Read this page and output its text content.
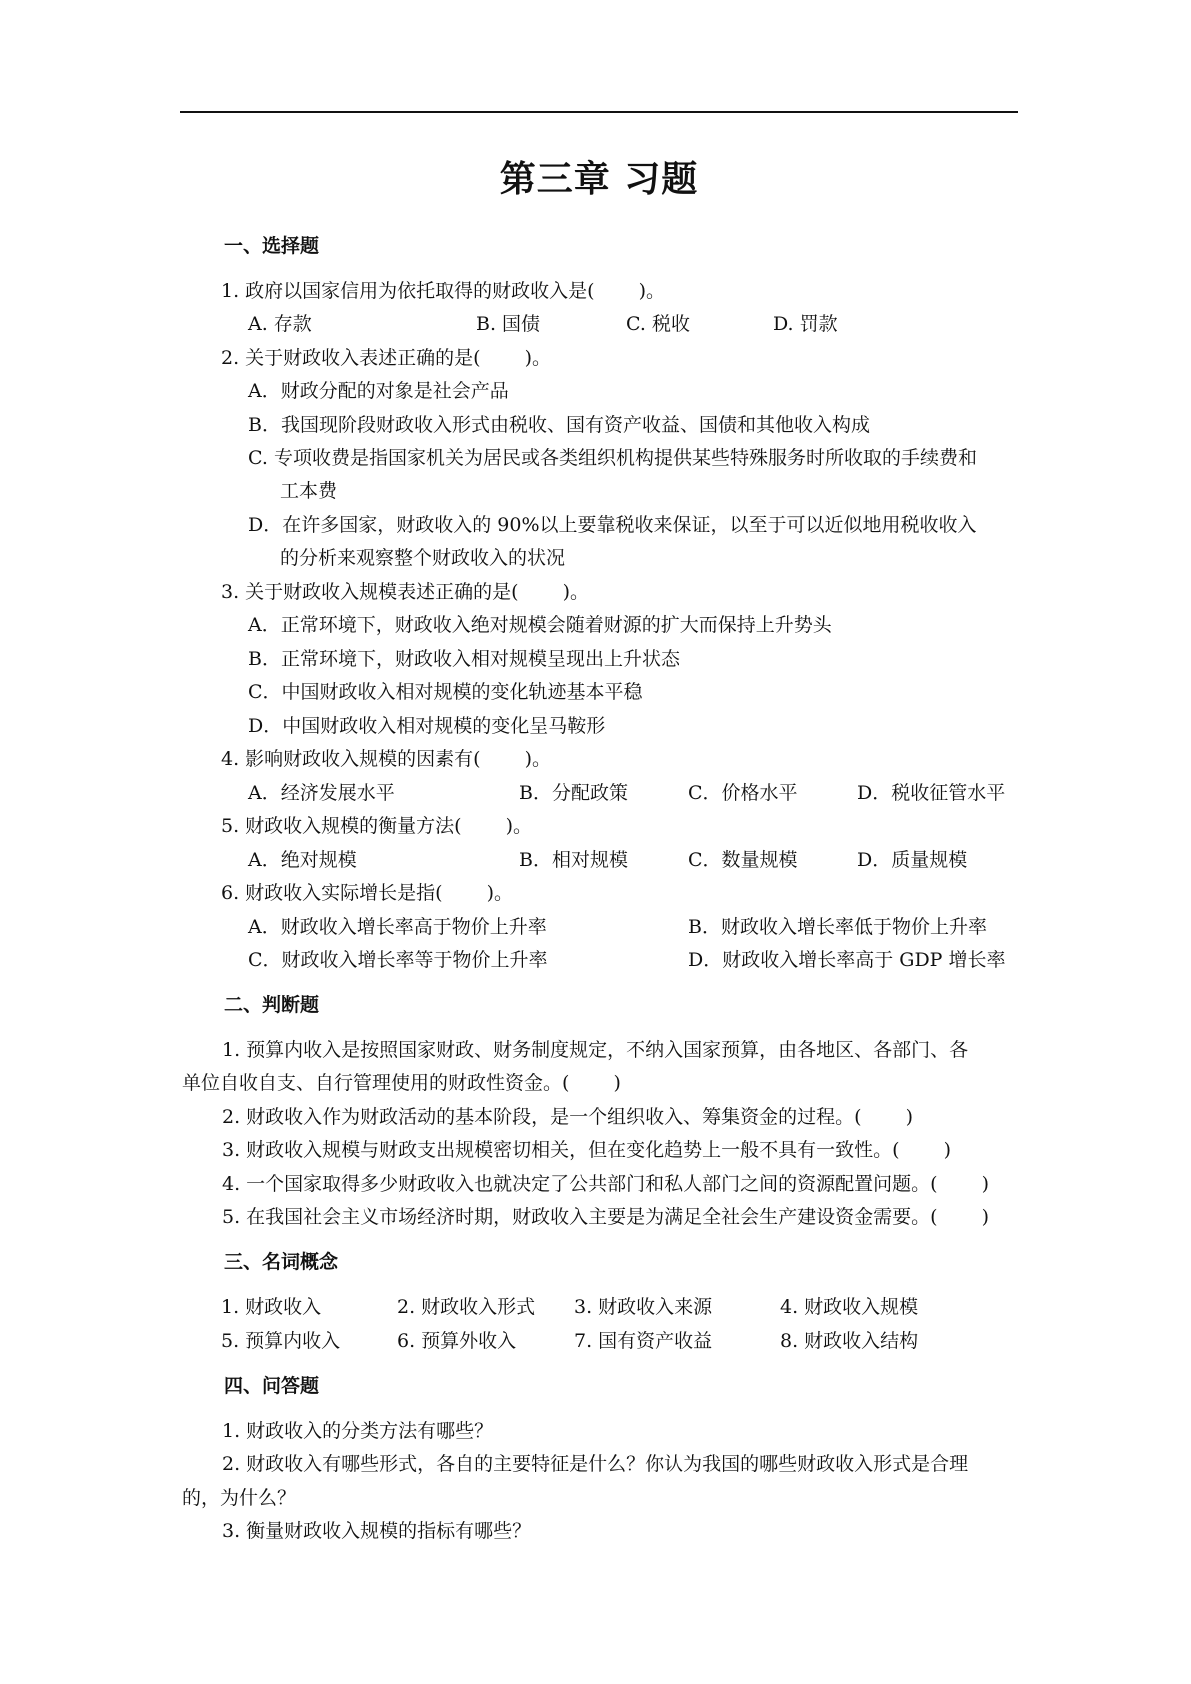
第三章 习题
一、选择题
1. 政府以国家信用为依托取得的财政收入是(　　 )。
A. 存款	B. 国债	C. 税收	D. 罚款
2. 关于财政收入表述正确的是(　　 )。
A．财政分配的对象是社会产品
B．我国现阶段财政收入形式由税收、国有资产收益、国债和其他收入构成
C. 专项收费是指国家机关为居民或各类组织机构提供某些特殊服务时所收取的手续费和
工本费
D．在许多国家，财政收入的 90%以上要靠税收来保证，以至于可以近似地用税收收入
的分析来观察整个财政收入的状况
3. 关于财政收入规模表述正确的是(　　 )。
A．正常环境下，财政收入绝对规模会随着财源的扩大而保持上升势头
B．正常环境下，财政收入相对规模呈现出上升状态
C．中国财政收入相对规模的变化轨迹基本平稳
D．中国财政收入相对规模的变化呈马鞍形
4. 影响财政收入规模的因素有(　　 )。
A．经济发展水平	B．分配政策	C．价格水平	D．税收征管水平
5. 财政收入规模的衡量方法(　　 )。
A．绝对规模	B．相对规模	C．数量规模	D．质量规模
6. 财政收入实际增长是指(　　 )。
A．财政收入增长率高于物价上升率	B．财政收入增长率低于物价上升率
C．财政收入增长率等于物价上升率	D．财政收入增长率高于 GDP 增长率
二、判断题
1. 预算内收入是按照国家财政、财务制度规定，不纳入国家预算，由各地区、各部门、各
单位自收自支、自行管理使用的财政性资金。(　　 )
2. 财政收入作为财政活动的基本阶段，是一个组织收入、筹集资金的过程。(　　 )
3. 财政收入规模与财政支出规模密切相关，但在变化趋势上一般不具有一致性。(　　 )
4. 一个国家取得多少财政收入也就决定了公共部门和私人部门之间的资源配置问题。(　　 )
5. 在我国社会主义市场经济时期，财政收入主要是为满足全社会生产建设资金需要。(　　 )
三、名词概念
1. 财政收入	2. 财政收入形式 3. 财政收入来源	4. 财政收入规模
5. 预算内收入	6. 预算外收入	7. 国有资产收益	8. 财政收入结构
四、问答题
1. 财政收入的分类方法有哪些？
2. 财政收入有哪些形式，各自的主要特征是什么？你认为我国的哪些财政收入形式是合理
的，为什么？
3. 衡量财政收入规模的指标有哪些？
